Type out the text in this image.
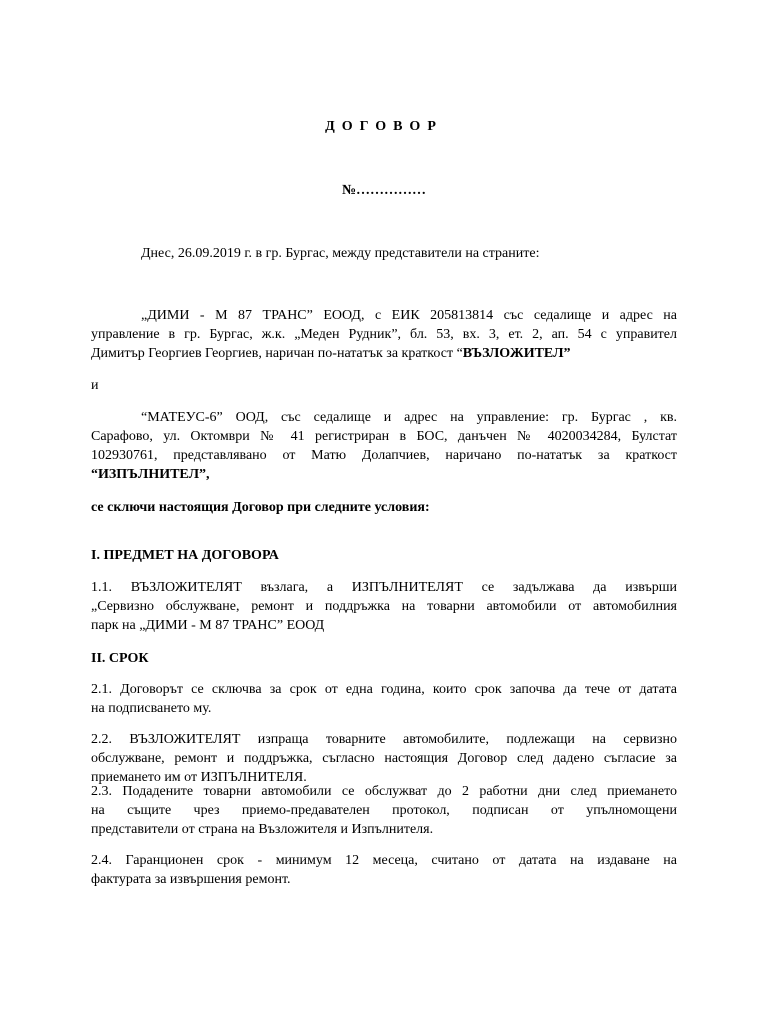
ДОГОВОР
№……………
Днес, 26.09.2019 г. в гр. Бургас, между представители на страните:
„ДИМИ - М 87 ТРАНС” ЕООД, с ЕИК 205813814 със седалище и адрес на
управление в гр. Бургас, ж.к. „Меден Рудник”, бл. 53, вх. 3, ет. 2, ап. 54 с управител
Димитър Георгиев Георгиев, наричан по-натaтък за краткост “ВЪЗЛОЖИТЕЛ”
и
“МАТЕУС-6” ООД, със седалище и адрес на управление: гр. Бургас , кв.
Сарафово, ул. Октомври № 41 регистриран в БОС, данъчен № 4020034284, Булстат
102930761, представлявано от Матю Долапчиев, наричано по-натaтък за краткост
“ИЗПЪЛНИТЕЛ”,
се сключи настоящия Договор при следните условия:
І. ПРЕДМЕТ НА ДОГОВОРА
1.1. ВЪЗЛОЖИТЕЛЯТ възлага, а ИЗПЪЛНИТЕЛЯТ се задължава да извърши
„Сервизно обслужване, ремонт и поддръжка на товарни автомобили от автомобилния
парк на „ДИМИ - М 87 ТРАНС” ЕООД
ІІ. СРОК
2.1. Договорът се сключва за срок от една година, които срок започва да тече от датата
на подписването му.
2.2. ВЪЗЛОЖИТЕЛЯТ изпраща товарните автомобилите, подлежащи на сервизно
обслужване, ремонт и поддръжка, съгласно настоящия Договор след дадено съгласие за
приемането им от ИЗПЪЛНИТЕЛЯ.
2.3. Подадените товарни автомобили се обслужват до 2 работни дни след приемането
на същите чрез приемо-предавателен протокол, подписан от упълномощени
представители от страна на Възложителя и Изпълнителя.
2.4. Гаранционен срок - минимум 12 месеца, считано от датата на издаване на
фактурата за извършения ремонт.
